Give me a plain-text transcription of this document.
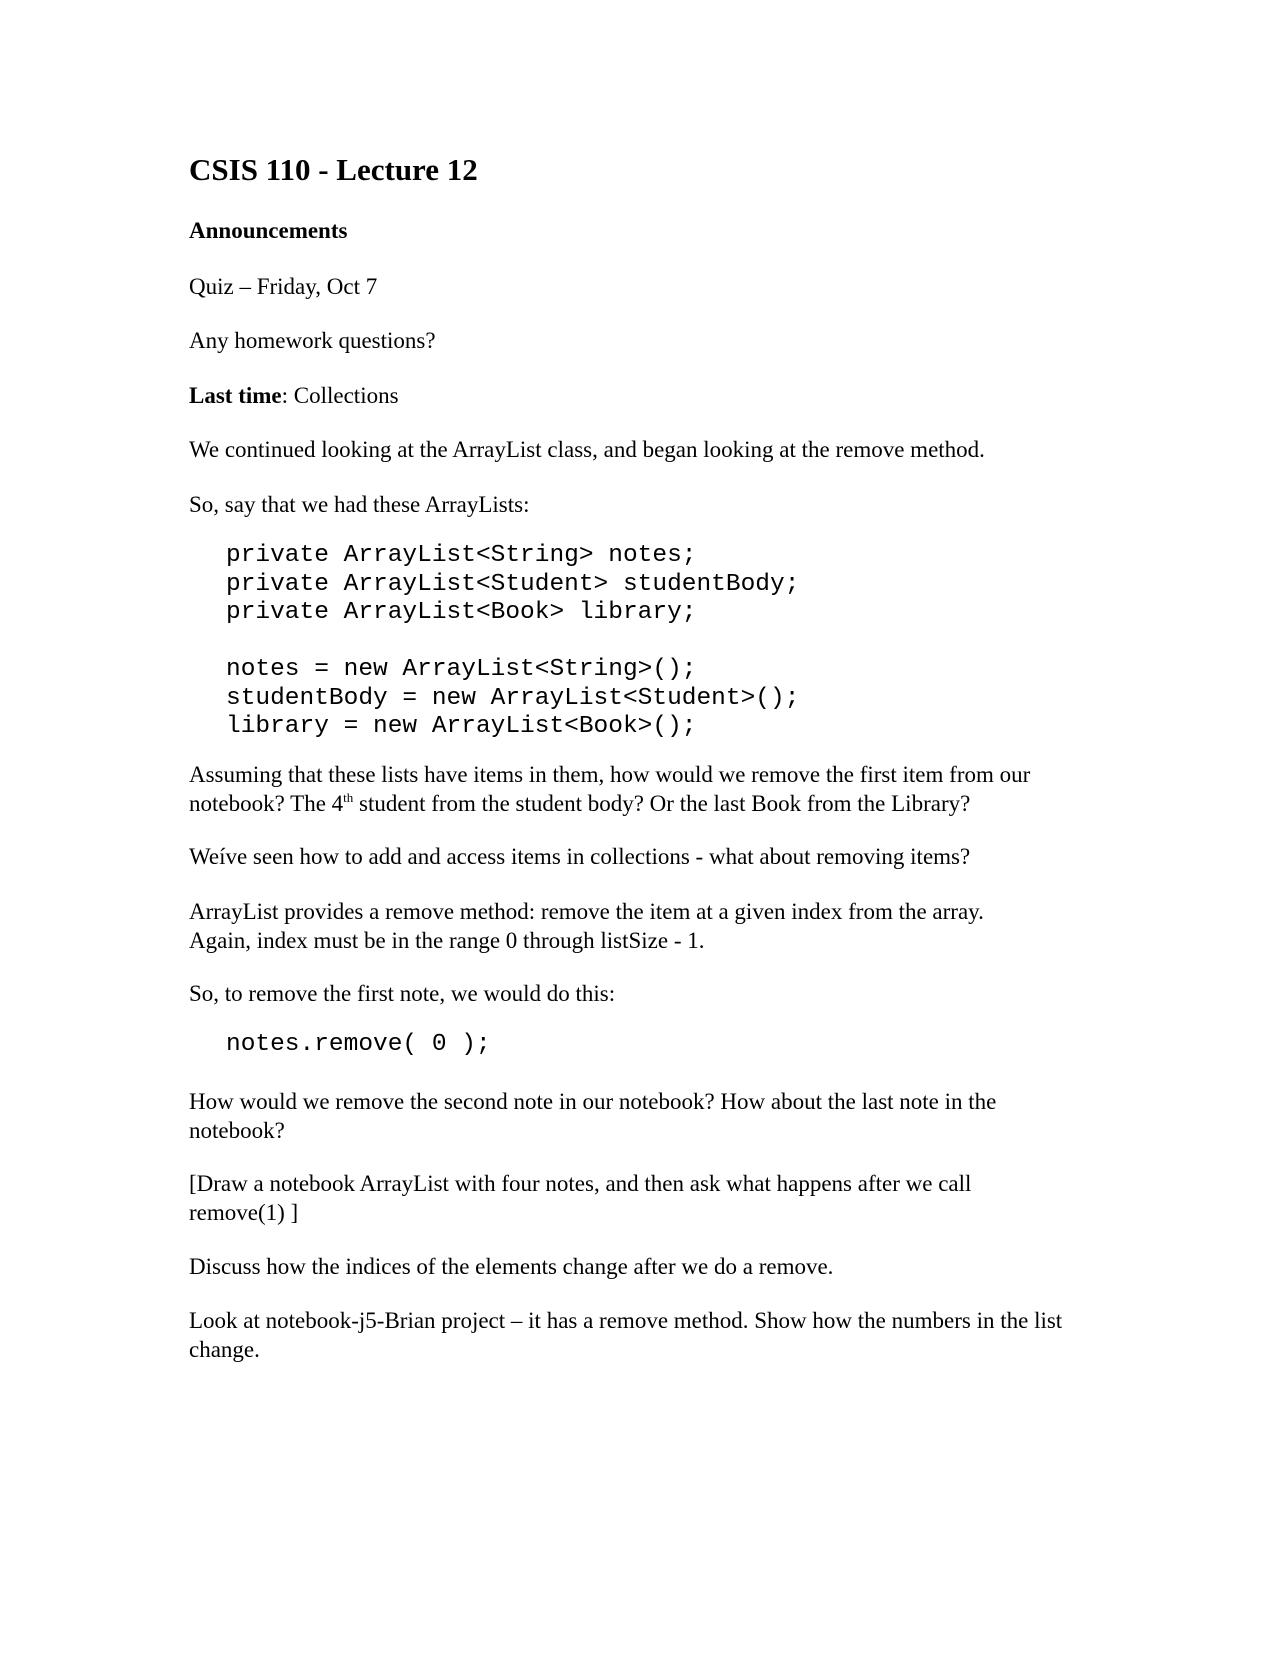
CSIS 110 - Lecture 12

Announcements

Quiz – Friday, Oct 7

Any homework questions?

Last time: Collections

We continued looking at the ArrayList class, and began looking at the remove method.

So, say that we had these ArrayLists:

private ArrayList<String> notes;
private ArrayList<Student> studentBody;
private ArrayList<Book> library;

notes = new ArrayList<String>();
studentBody = new ArrayList<Student>();
library = new ArrayList<Book>();

Assuming that these lists have items in them, how would we remove the first item from our notebook? The 4th student from the student body? Or the last Book from the Library?

Weíve seen how to add and access items in collections - what about removing items?

ArrayList provides a remove method: remove the item at a given index from the array. Again, index must be in the range 0 through listSize - 1.

So, to remove the first note, we would do this:

notes.remove( 0 );

How would we remove the second note in our notebook? How about the last note in the notebook?

[Draw a notebook ArrayList with four notes, and then ask what happens after we call remove(1) ]

Discuss how the indices of the elements change after we do a remove.

Look at notebook-j5-Brian project – it has a remove method. Show how the numbers in the list change.
